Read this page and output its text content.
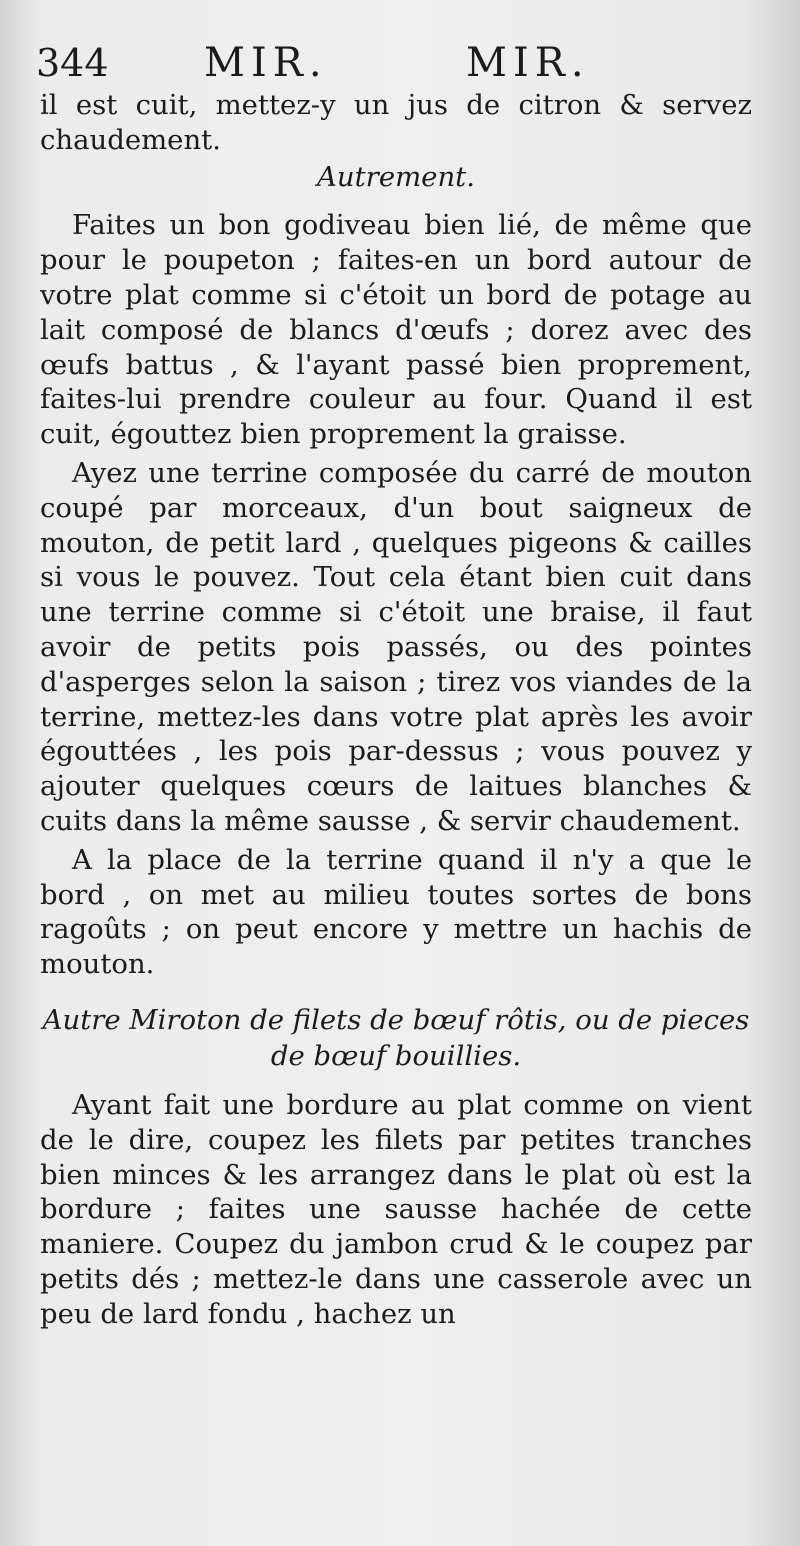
344 MIR.	MIR.

il est cuit, mettez-y un jus de citron & servez chaudement.

Autrement.

Faites un bon godiveau bien lié, de même que pour le poupeton ; faites-en un bord autour de votre plat comme si c'étoit un bord de potage au lait composé de blancs d'œufs ; dorez avec des œufs battus , & l'ayant passé bien proprement, faites-lui prendre couleur au four. Quand il est cuit, égouttez bien proprement la graisse.

Ayez une terrine composée du carré de mouton coupé par morceaux, d'un bout saigneux de mouton, de petit lard , quelques pigeons & cailles si vous le pouvez. Tout cela étant bien cuit dans une terrine comme si c'étoit une braise, il faut avoir de petits pois passés, ou des pointes d'asperges selon la saison ; tirez vos viandes de la terrine, mettez-les dans votre plat après les avoir égouttées , les pois par-dessus ; vous pouvez y ajouter quelques cœurs de laitues blanches & cuits dans la même sausse , & servir chaudement.

A la place de la terrine quand il n'y a que le bord , on met au milieu toutes sortes de bons ragoûts ; on peut encore y mettre un hachis de mouton.

Autre Miroton de filets de bœuf rôtis, ou de pieces de bœuf bouillies.

Ayant fait une bordure au plat comme on vient de le dire, coupez les filets par petites tranches bien minces & les arrangez dans le plat où est la bordure ; faites une sausse hachée de cette maniere. Coupez du jambon crud & le coupez par petits dés ; mettez-le dans une casserole avec un peu de lard fondu , hachez un
